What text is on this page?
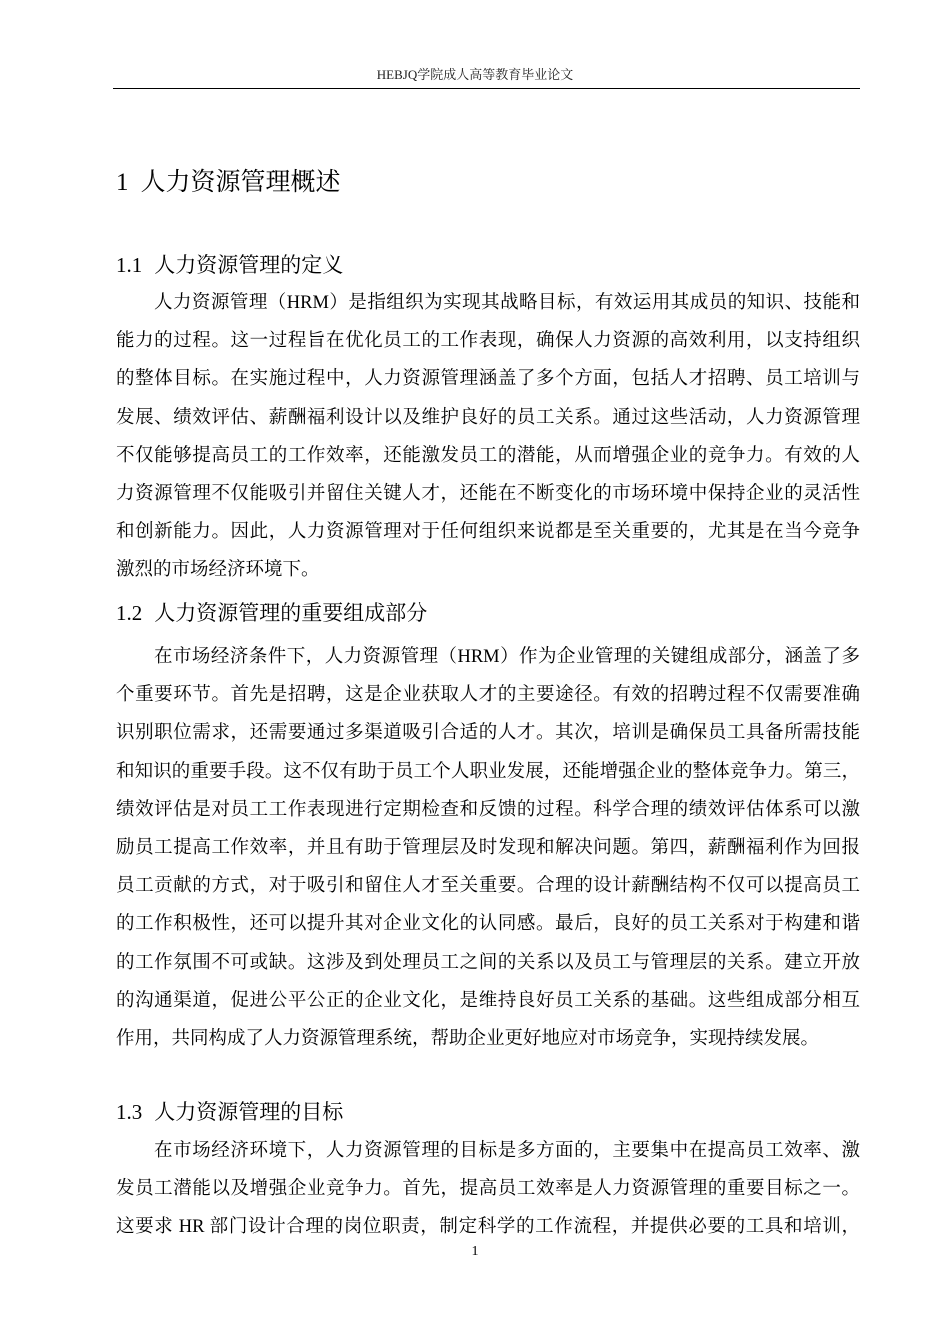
HEBJQ学院成人高等教育毕业论文
1 人力资源管理概述
1.1 人力资源管理的定义
人力资源管理（HRM）是指组织为实现其战略目标，有效运用其成员的知识、技能和
能力的过程。这一过程旨在优化员工的工作表现，确保人力资源的高效利用，以支持组织
的整体目标。在实施过程中，人力资源管理涵盖了多个方面，包括人才招聘、员工培训与
发展、绩效评估、薪酬福利设计以及维护良好的员工关系。通过这些活动，人力资源管理
不仅能够提高员工的工作效率，还能激发员工的潜能，从而增强企业的竞争力。有效的人
力资源管理不仅能吸引并留住关键人才，还能在不断变化的市场环境中保持企业的灵活性
和创新能力。因此，人力资源管理对于任何组织来说都是至关重要的，尤其是在当今竞争
激烈的市场经济环境下。
1.2 人力资源管理的重要组成部分
在市场经济条件下，人力资源管理（HRM）作为企业管理的关键组成部分，涵盖了多
个重要环节。首先是招聘，这是企业获取人才的主要途径。有效的招聘过程不仅需要准确
识别职位需求，还需要通过多渠道吸引合适的人才。其次，培训是确保员工具备所需技能
和知识的重要手段。这不仅有助于员工个人职业发展，还能增强企业的整体竞争力。第三，
绩效评估是对员工工作表现进行定期检查和反馈的过程。科学合理的绩效评估体系可以激
励员工提高工作效率，并且有助于管理层及时发现和解决问题。第四，薪酬福利作为回报
员工贡献的方式，对于吸引和留住人才至关重要。合理的设计薪酬结构不仅可以提高员工
的工作积极性，还可以提升其对企业文化的认同感。最后，良好的员工关系对于构建和谐
的工作氛围不可或缺。这涉及到处理员工之间的关系以及员工与管理层的关系。建立开放
的沟通渠道，促进公平公正的企业文化，是维持良好员工关系的基础。这些组成部分相互
作用，共同构成了人力资源管理系统，帮助企业更好地应对市场竞争，实现持续发展。
1.3 人力资源管理的目标
在市场经济环境下，人力资源管理的目标是多方面的，主要集中在提高员工效率、激
发员工潜能以及增强企业竞争力。首先，提高员工效率是人力资源管理的重要目标之一。
这要求 HR 部门设计合理的岗位职责，制定科学的工作流程，并提供必要的工具和培训，
1
